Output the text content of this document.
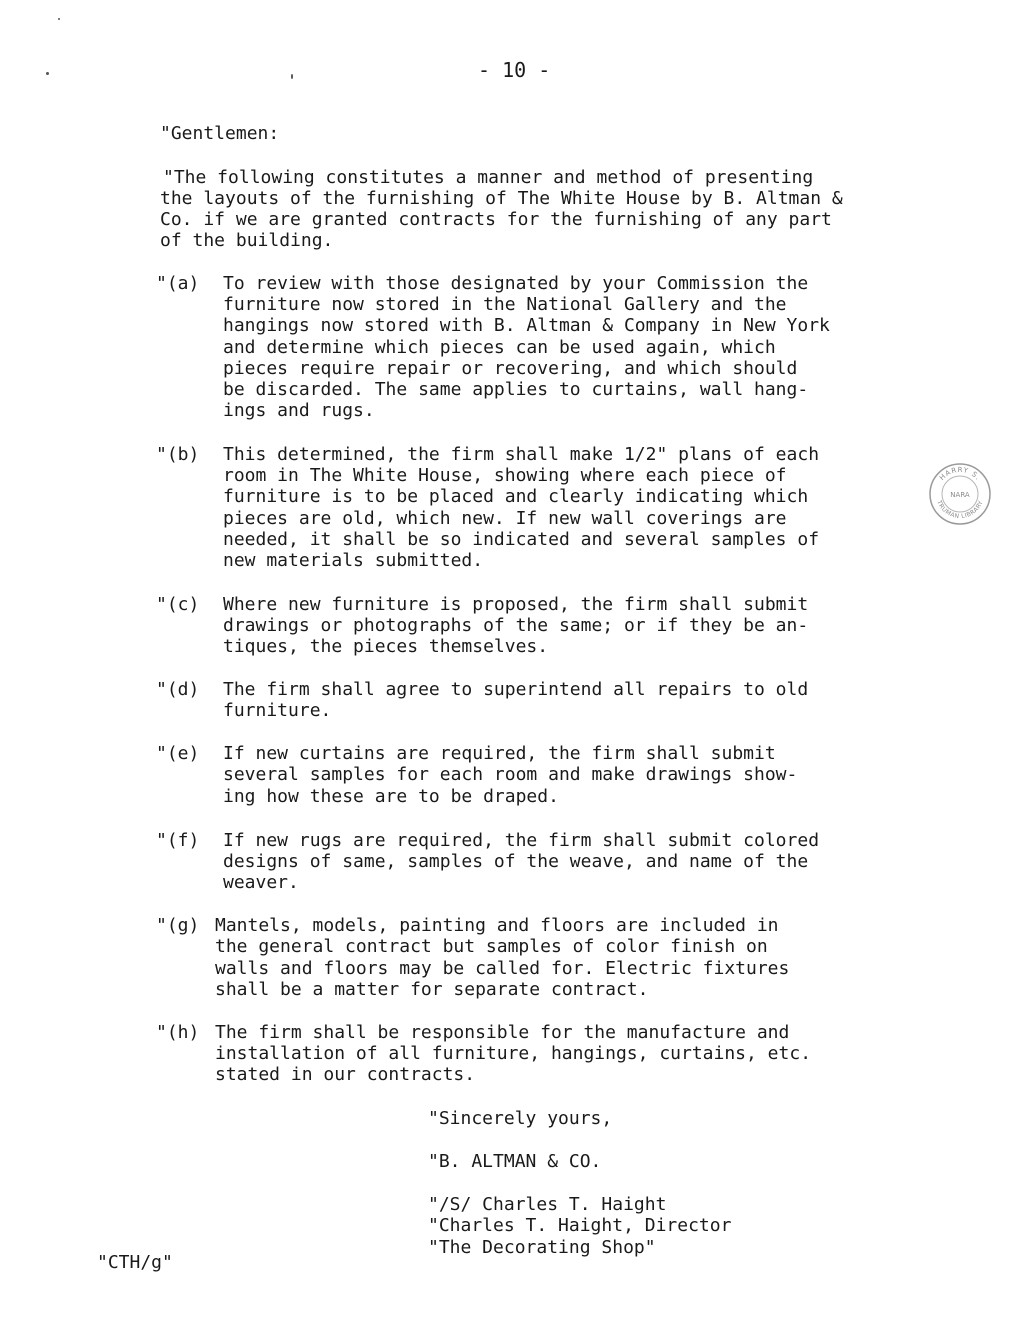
- 10 -
"Gentlemen:
"The following constitutes a manner and method of presenting
the layouts of the furnishing of The White House by B. Altman &
Co. if we are granted contracts for the furnishing of any part
of the building.
"(a) To review with those designated by your Commission the
furniture now stored in the National Gallery and the
hangings now stored with B. Altman & Company in New York
and determine which pieces can be used again, which
pieces require repair or recovering, and which should
be discarded. The same applies to curtains, wall hang-
ings and rugs.
"(b) This determined, the firm shall make 1/2" plans of each
room in The White House, showing where each piece of
furniture is to be placed and clearly indicating which
pieces are old, which new. If new wall coverings are
needed, it shall be so indicated and several samples of
new materials submitted.
"(c) Where new furniture is proposed, the firm shall submit
drawings or photographs of the same; or if they be an-
tiques, the pieces themselves.
"(d) The firm shall agree to superintend all repairs to old
furniture.
"(e) If new curtains are required, the firm shall submit
several samples for each room and make drawings show-
ing how these are to be draped.
"(f) If new rugs are required, the firm shall submit colored
designs of same, samples of the weave, and name of the
weaver.
"(g) Mantels, models, painting and floors are included in
the general contract but samples of color finish on
walls and floors may be called for. Electric fixtures
shall be a matter for separate contract.
"(h) The firm shall be responsible for the manufacture and
installation of all furniture, hangings, curtains, etc.
stated in our contracts.
"Sincerely yours,
"B. ALTMAN & CO.
"/S/ Charles T. Haight
"Charles T. Haight, Director
"The Decorating Shop"
"CTH/g"
HARRY S.
TRUMAN LIBRARY
NARA
